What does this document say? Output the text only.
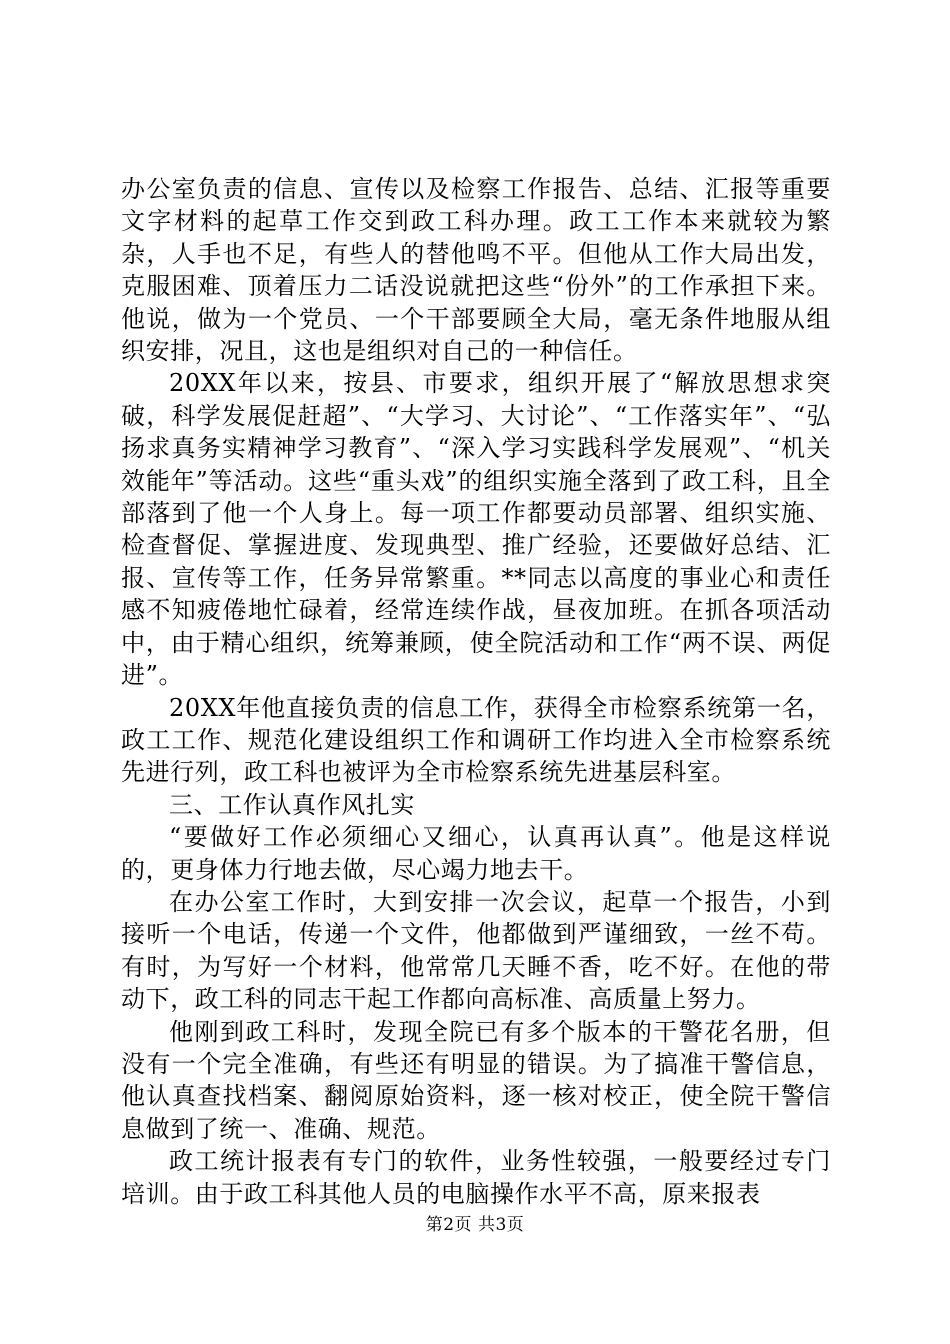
办公室负责的信息、宣传以及检察工作报告、总结、汇报等重要文字材料的起草工作交到政工科办理。政工工作本来就较为繁杂，人手也不足，有些人的替他鸣不平。但他从工作大局出发，克服困难、顶着压力二话没说就把这些“份外”的工作承担下来。他说，做为一个党员、一个干部要顾全大局，毫无条件地服从组织安排，况且，这也是组织对自己的一种信任。

20XX年以来，按县、市要求，组织开展了“解放思想求突破，科学发展促赶超”、“大学习、大讨论”、“工作落实年”、“弘扬求真务实精神学习教育”、“深入学习实践科学发展观”、“机关效能年”等活动。这些“重头戏”的组织实施全落到了政工科，且全部落到了他一个人身上。每一项工作都要动员部署、组织实施、检查督促、掌握进度、发现典型、推广经验，还要做好总结、汇报、宣传等工作，任务异常繁重。**同志以高度的事业心和责任感不知疲倦地忙碌着，经常连续作战，昼夜加班。在抓各项活动中，由于精心组织，统筹兼顾，使全院活动和工作“两不误、两促进”。

20XX年他直接负责的信息工作，获得全市检察系统第一名，政工工作、规范化建设组织工作和调研工作均进入全市检察系统先进行列，政工科也被评为全市检察系统先进基层科室。

三、工作认真作风扎实

“要做好工作必须细心又细心，认真再认真”。他是这样说的，更身体力行地去做，尽心竭力地去干。

在办公室工作时，大到安排一次会议，起草一个报告，小到接听一个电话，传递一个文件，他都做到严谨细致，一丝不苟。有时，为写好一个材料，他常常几天睡不香，吃不好。在他的带动下，政工科的同志干起工作都向高标准、高质量上努力。

他刚到政工科时，发现全院已有多个版本的干警花名册，但没有一个完全准确，有些还有明显的错误。为了搞准干警信息，他认真查找档案、翻阅原始资料，逐一核对校正，使全院干警信息做到了统一、准确、规范。

政工统计报表有专门的软件，业务性较强，一般要经过专门培训。由于政工科其他人员的电脑操作水平不高，原来报表

第2页 共3页
